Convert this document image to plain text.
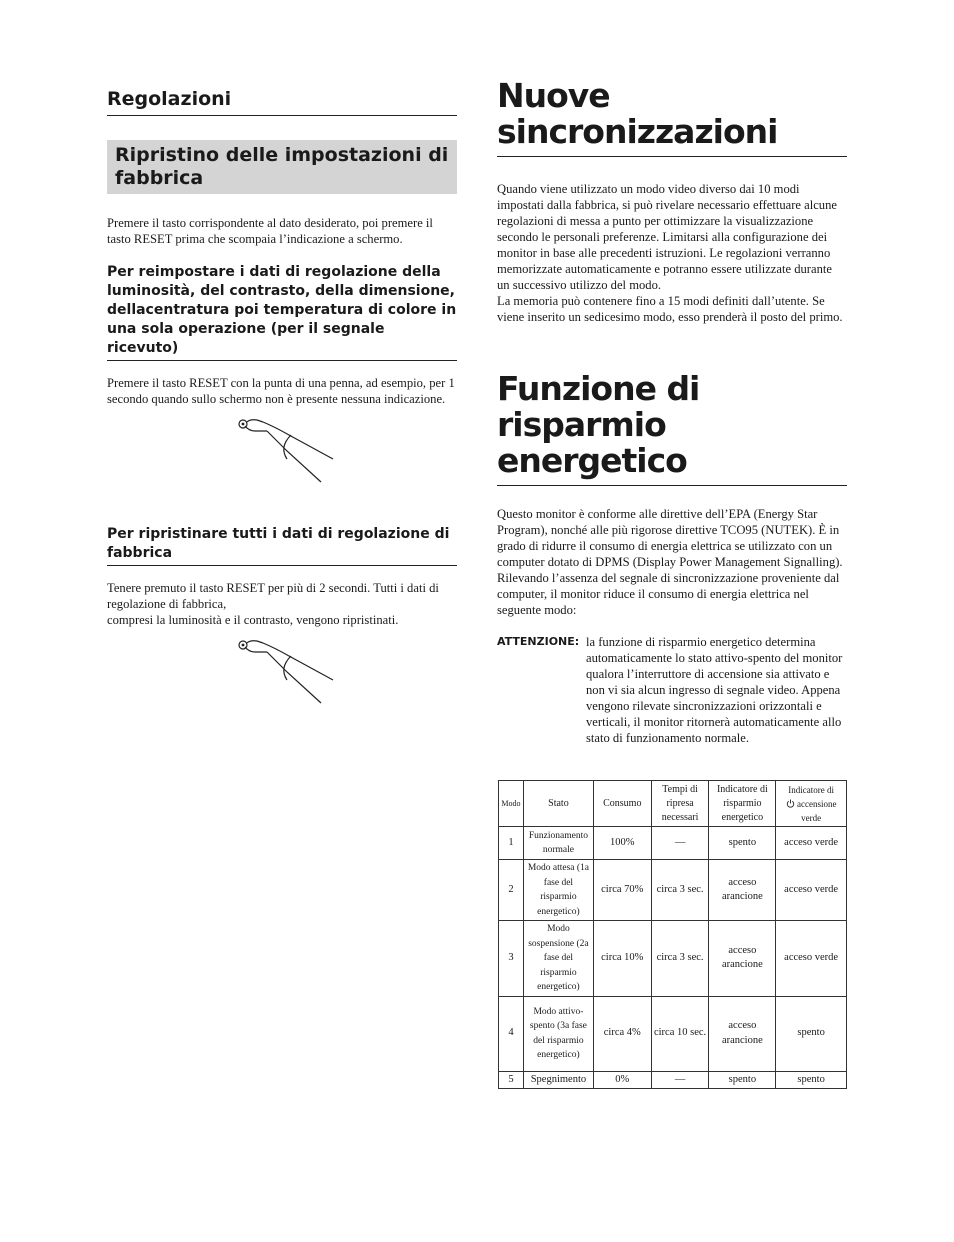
Regolazioni
Ripristino delle impostazioni di fabbrica

Premere il tasto corrispondente al dato desiderato, poi premere il tasto RESET prima che scompaia l’indicazione a schermo.

Per reimpostare i dati di regolazione della luminosità, del contrasto, della dimensione, dellacentratura poi temperatura di colore in una sola operazione (per il segnale ricevuto)

Premere il tasto RESET con la punta di una penna, ad esempio, per 1 secondo quando sullo schermo non è presente nessuna indicazione.

Per ripristinare tutti i dati di regolazione di fabbrica

Tenere premuto il tasto RESET per più di 2 secondi. Tutti i dati di regolazione di fabbrica,

compresi la luminosità e il contrasto, vengono ripristinati.

Nuove sincronizzazioni

Quando viene utilizzato un modo video diverso dai 10 modi impostati dalla fabbrica, si può rivelare necessario effettuare alcune regolazioni di messa a punto per ottimizzare la visualizzazione secondo le personali preferenze. Limitarsi alla configurazione dei monitor in base alle precedenti istruzioni. Le regolazioni verranno memorizzate automaticamente e potranno essere utilizzate durante un successivo utilizzo del modo.

La memoria può contenere fino a 15 modi definiti dall’utente. Se viene inserito un sedicesimo modo, esso prenderà il posto del primo.

Funzione di risparmio energetico

Questo monitor è conforme alle direttive dell’EPA (Energy Star Program), nonché alle più rigorose direttive TCO95 (NUTEK). È in grado di ridurre il consumo di energia elettrica se utilizzato con un computer dotato di DPMS (Display Power Management Signalling). Rilevando l’assenza del segnale di sincronizzazione proveniente dal computer, il monitor riduce il consumo di energia elettrica nel seguente modo:

ATTENZIONE: la funzione di risparmio energetico determina automaticamente lo stato attivo-spento del monitor qualora l’interruttore di accensione sia attivato e non vi sia alcun ingresso di segnale video. Appena vengono rilevate sincronizzazioni orizzontali e verticali, il monitor ritornerà automaticamente allo stato di funzionamento normale.
Modo	Stato	Consumo	Tempi di ripresa necessari	Indicatore di risparmio energetico	Indicatore di
accensione verde
1	Funzionamento normale	100%	—	spento	acceso verde
2	Modo attesa (1a fase del risparmio energetico)	circa 70%	circa 3 sec.	acceso arancione	acceso verde
3	Modo sospensione (2a fase del risparmio energetico)	circa 10%	circa 3 sec.	acceso arancione	acceso verde
4	Modo attivo-spento (3a fase del risparmio energetico)	circa 4%	circa 10 sec.	acceso arancione	spento
5	Spegnimento	0%	—	spento	spento
